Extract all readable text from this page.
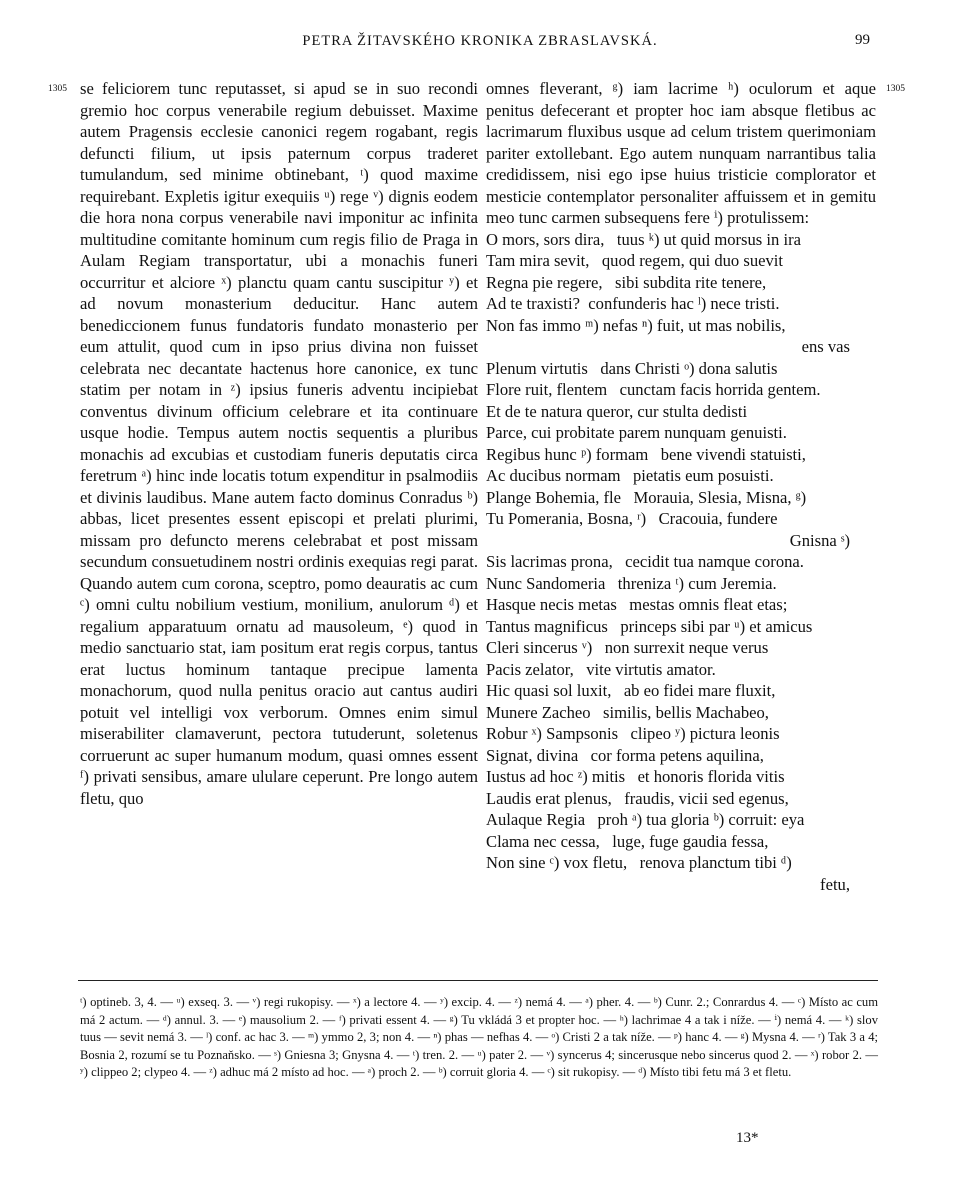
PETRA ŽITAVSKÉHO KRONIKA ZBRASLAVSKÁ.	99
1305	1305

se feliciorem tunc reputasset, si apud se in suo recondi gremio hoc corpus venerabile regium debuisset. Maxime autem Pragensis ecclesie canonici regem rogabant, regis defuncti filium, ut ipsis paternum corpus traderet tumulandum, sed minime obtinebant, ᵗ) quod maxime requirebant. Expletis igitur exequiis ᵘ) rege ᵛ) dignis eodem die hora nona corpus venerabile navi imponitur ac infinita multitudine comitante hominum cum regis filio de Praga in Aulam Regiam transportatur, ubi a monachis funeri occurritur et alciore ˣ) planctu quam cantu suscipitur ʸ) et ad novum monasterium deducitur. Hanc autem benediccionem funus fundatoris fundato monasterio per eum attulit, quod cum in ipso prius divina non fuisset celebrata nec decantate hactenus hore canonice, ex tunc statim per notam in ᶻ) ipsius funeris adventu incipiebat conventus divinum officium celebrare et ita continuare usque hodie. Tempus autem noctis sequentis a pluribus monachis ad excubias et custodiam funeris deputatis circa feretrum ᵃ) hinc inde locatis totum expenditur in psalmodiis et divinis laudibus. Mane autem facto dominus Conradus ᵇ) abbas, licet presentes essent episcopi et prelati plurimi, missam pro defuncto merens celebrabat et post missam secundum consuetudinem nostri ordinis exequias regi parat. Quando autem cum corona, sceptro, pomo deauratis ac cum ᶜ) omni cultu nobilium vestium, monilium, anulorum ᵈ) et regalium apparatuum ornatu ad mausoleum, ᵉ) quod in medio sanctuario stat, iam positum erat regis corpus, tantus erat luctus hominum tantaque precipue lamenta monachorum, quod nulla penitus oracio aut cantus audiri potuit vel intelligi vox verborum. Omnes enim simul miserabiliter clamaverunt, pectora tutuderunt, soletenus corruerunt ac super humanum modum, quasi omnes essent ᶠ) privati sensibus, amare ululare ceperunt. Pre longo autem fletu, quo

omnes fleverant, ᵍ) iam lacrime ʰ) oculorum et aque penitus defecerant et propter hoc iam absque fletibus ac lacrimarum fluxibus usque ad celum tristem querimoniam pariter extollebant. Ego autem nunquam narrantibus talia credidissem, nisi ego ipse huius tristicie complorator et mesticie contemplator personaliter affuissem et in gemitu meo tunc carmen subsequens fere ⁱ) protulissem:

O mors, sors dira,   tuus ᵏ) ut quid morsus in ira
Tam mira sevit,   quod regem, qui duo suevit
Regna pie regere,   sibi subdita rite tenere,
Ad te traxisti?  confunderis hac ˡ) nece tristi.
Non fas immo ᵐ) nefas ⁿ) fuit, ut mas nobilis,
ens vas
Plenum virtutis   dans Christi ᵒ) dona salutis
Flore ruit, flentem   cunctam facis horrida gentem.
Et de te natura queror, cur stulta dedisti
Parce, cui probitate parem nunquam genuisti.
Regibus hunc ᵖ) formam   bene vivendi statuisti,
Ac ducibus normam   pietatis eum posuisti.
Plange Bohemia, fle   Morauia, Slesia, Misna, ᵍ)
Tu Pomerania, Bosna, ʳ)   Cracouia, fundere
Gnisna ˢ)
Sis lacrimas prona,   cecidit tua namque corona.
Nunc Sandomeria   threniza ᵗ) cum Jeremia.
Hasque necis metas   mestas omnis fleat etas;
Tantus magnificus   princeps sibi par ᵘ) et amicus
Cleri sincerus ᵛ)   non surrexit neque verus
Pacis zelator,   vite virtutis amator.
Hic quasi sol luxit,   ab eo fidei mare fluxit,
Munere Zacheo   similis, bellis Machabeo,
Robur ˣ) Sampsonis   clipeo ʸ) pictura leonis
Signat, divina   cor forma petens aquilina,
Iustus ad hoc ᶻ) mitis   et honoris florida vitis
Laudis erat plenus,   fraudis, vicii sed egenus,
Aulaque Regia   proh ᵃ) tua gloria ᵇ) corruit: eya
Clama nec cessa,   luge, fuge gaudia fessa,
Non sine ᶜ) vox fletu,   renova planctum tibi ᵈ)
fetu,
ᵗ) optineb. 3, 4. — ᵘ) exseq. 3. — ᵛ) regi rukopisy. — ˣ) a lectore 4. — ʸ) excip. 4. — ᶻ) nemá 4. — ᵃ) pher. 4. — ᵇ) Cunr. 2.; Conrardus 4. — ᶜ) Místo ac cum má 2 actum. — ᵈ) annul. 3. — ᵉ) mausolium 2. — ᶠ) privati essent 4. — ᵍ) Tu vkládá 3 et propter hoc. — ʰ) lachrimae 4 a tak i níže. — ⁱ) nemá 4. — ᵏ) slov tuus — sevit nemá 3. — ˡ) conf. ac hac 3. — ᵐ) ymmo 2, 3; non 4. — ⁿ) phas — nefhas 4. — ᵒ) Cristi 2 a tak níže. — ᵖ) hanc 4. — ᵍ) Mysna 4. — ʳ) Tak 3 a 4; Bosnia 2, rozumí se tu Poznaňsko. — ˢ) Gniesna 3; Gnysna 4. — ᵗ) tren. 2. — ᵘ) pater 2. — ᵛ) syncerus 4; sincerusque nebo sincerus quod 2. — ˣ) robor 2. — ʸ) clippeo 2; clypeo 4. — ᶻ) adhuc má 2 místo ad hoc. — ᵃ) proch 2. — ᵇ) corruit gloria 4. — ᶜ) sit rukopisy. — ᵈ) Místo tibi fetu má 3 et fletu.
13*
